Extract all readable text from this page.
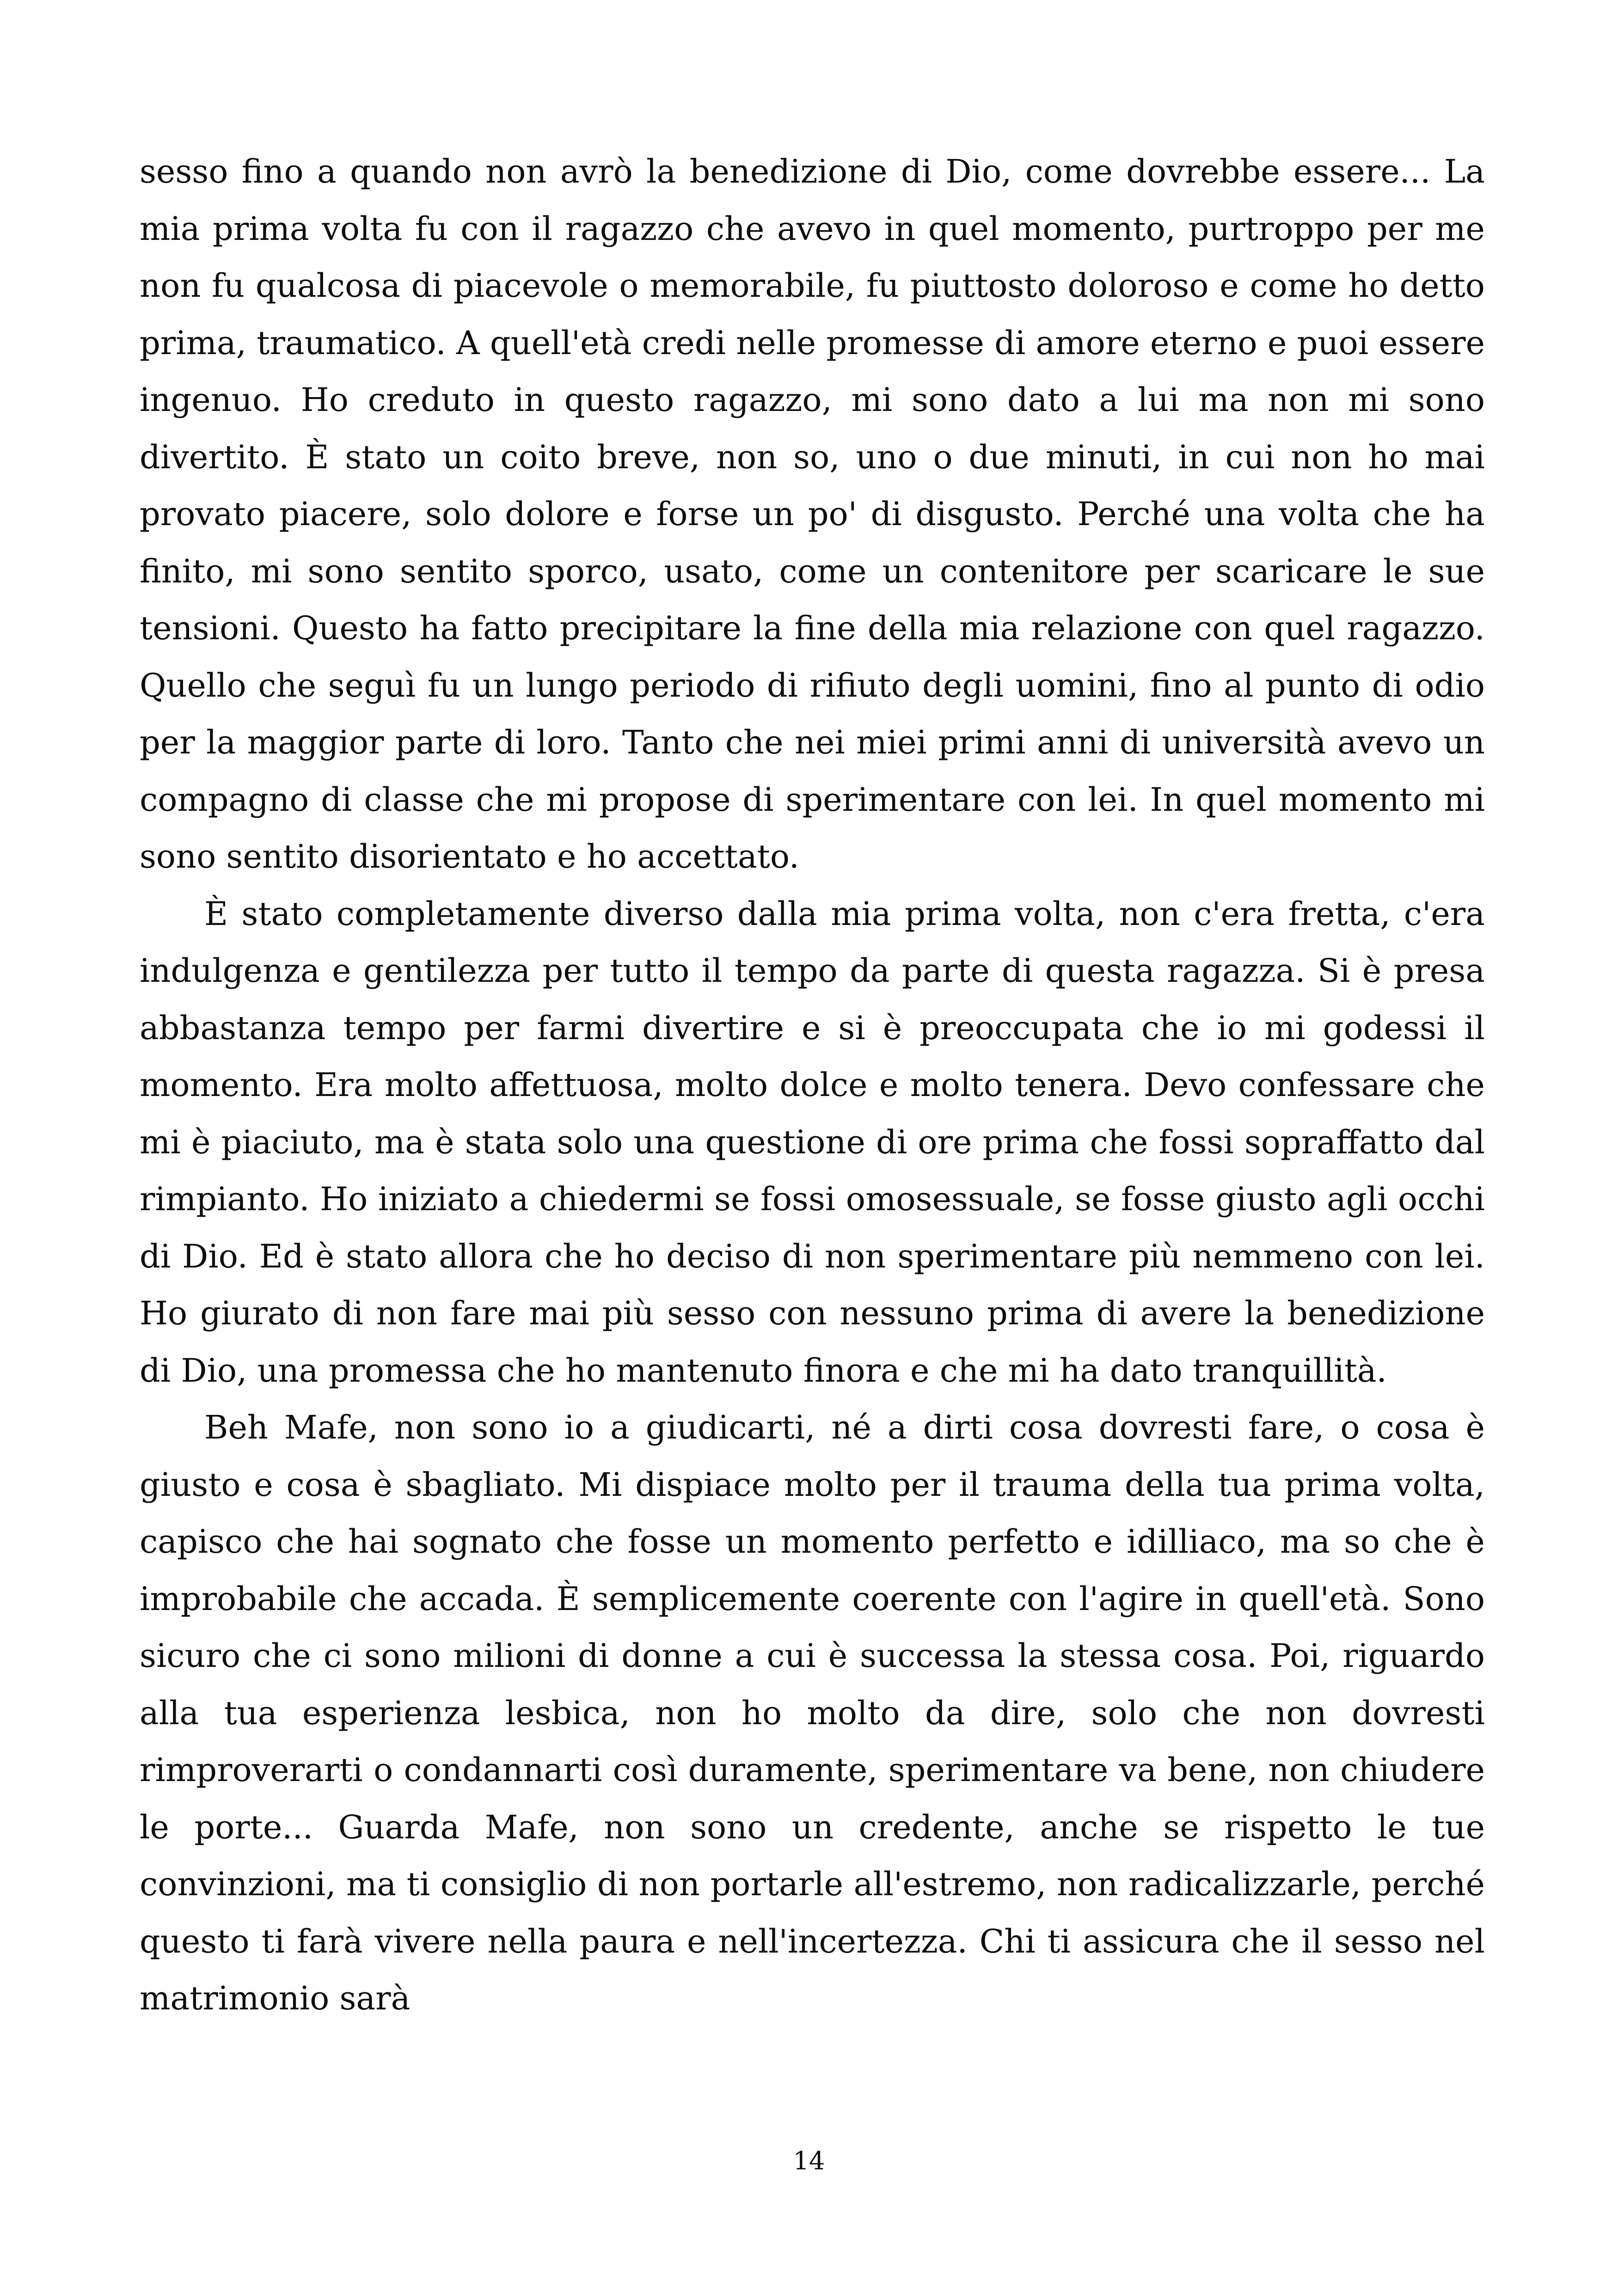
sesso fino a quando non avrò la benedizione di Dio, come dovrebbe essere... La mia prima volta fu con il ragazzo che avevo in quel momento, purtroppo per me non fu qualcosa di piacevole o memorabile, fu piuttosto doloroso e come ho detto prima, traumatico. A quell'età credi nelle promesse di amore eterno e puoi essere ingenuo. Ho creduto in questo ragazzo, mi sono dato a lui ma non mi sono divertito. È stato un coito breve, non so, uno o due minuti, in cui non ho mai provato piacere, solo dolore e forse un po' di disgusto. Perché una volta che ha finito, mi sono sentito sporco, usato, come un contenitore per scaricare le sue tensioni. Questo ha fatto precipitare la fine della mia relazione con quel ragazzo. Quello che seguì fu un lungo periodo di rifiuto degli uomini, fino al punto di odio per la maggior parte di loro. Tanto che nei miei primi anni di università avevo un compagno di classe che mi propose di sperimentare con lei. In quel momento mi sono sentito disorientato e ho accettato.

È stato completamente diverso dalla mia prima volta, non c'era fretta, c'era indulgenza e gentilezza per tutto il tempo da parte di questa ragazza. Si è presa abbastanza tempo per farmi divertire e si è preoccupata che io mi godessi il momento. Era molto affettuosa, molto dolce e molto tenera. Devo confessare che mi è piaciuto, ma è stata solo una questione di ore prima che fossi sopraffatto dal rimpianto. Ho iniziato a chiedermi se fossi omosessuale, se fosse giusto agli occhi di Dio. Ed è stato allora che ho deciso di non sperimentare più nemmeno con lei. Ho giurato di non fare mai più sesso con nessuno prima di avere la benedizione di Dio, una promessa che ho mantenuto finora e che mi ha dato tranquillità.

Beh Mafe, non sono io a giudicarti, né a dirti cosa dovresti fare, o cosa è giusto e cosa è sbagliato. Mi dispiace molto per il trauma della tua prima volta, capisco che hai sognato che fosse un momento perfetto e idilliaco, ma so che è improbabile che accada. È semplicemente coerente con l'agire in quell'età. Sono sicuro che ci sono milioni di donne a cui è successa la stessa cosa. Poi, riguardo alla tua esperienza lesbica, non ho molto da dire, solo che non dovresti rimproverarti o condannarti così duramente, sperimentare va bene, non chiudere le porte... Guarda Mafe, non sono un credente, anche se rispetto le tue convinzioni, ma ti consiglio di non portarle all'estremo, non radicalizzarle, perché questo ti farà vivere nella paura e nell'incertezza. Chi ti assicura che il sesso nel matrimonio sarà

14
